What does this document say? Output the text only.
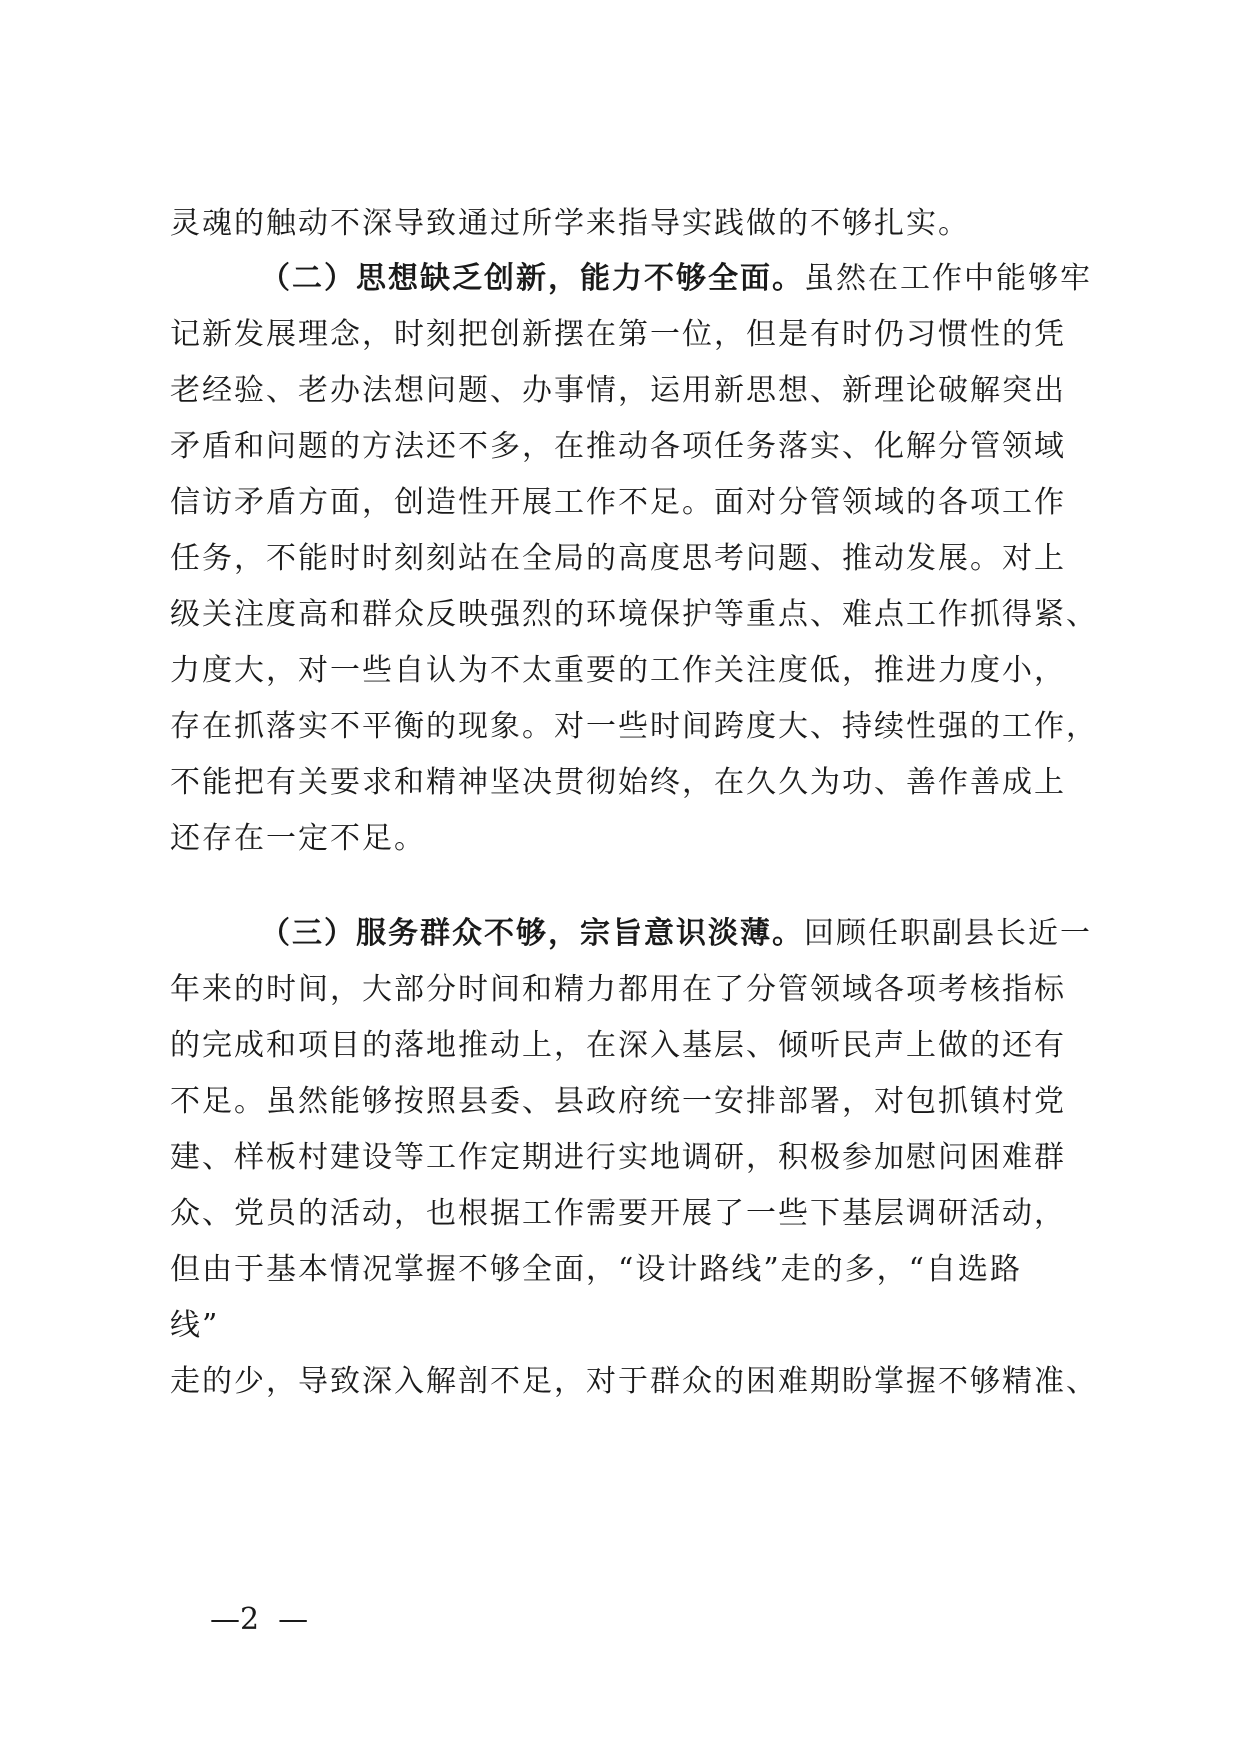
灵魂的触动不深导致通过所学来指导实践做的不够扎实。
（二）思想缺乏创新，能力不够全面。虽然在工作中能够牢
记新发展理念，时刻把创新摆在第一位，但是有时仍习惯性的凭
老经验、老办法想问题、办事情，运用新思想、新理论破解突出
矛盾和问题的方法还不多，在推动各项任务落实、化解分管领域
信访矛盾方面，创造性开展工作不足。面对分管领域的各项工作
任务，不能时时刻刻站在全局的高度思考问题、推动发展。对上
级关注度高和群众反映强烈的环境保护等重点、难点工作抓得紧、
力度大，对一些自认为不太重要的工作关注度低，推进力度小，
存在抓落实不平衡的现象。对一些时间跨度大、持续性强的工作，
不能把有关要求和精神坚决贯彻始终，在久久为功、善作善成上
还存在一定不足。
（三）服务群众不够，宗旨意识淡薄。回顾任职副县长近一
年来的时间，大部分时间和精力都用在了分管领域各项考核指标
的完成和项目的落地推动上，在深入基层、倾听民声上做的还有
不足。虽然能够按照县委、县政府统一安排部署，对包抓镇村党
建、样板村建设等工作定期进行实地调研，积极参加慰问困难群
众、党员的活动，也根据工作需要开展了一些下基层调研活动，
但由于基本情况掌握不够全面，“设计路线”走的多，“自选路
线”
走的少，导致深入解剖不足，对于群众的困难期盼掌握不够精准、
—2  —
